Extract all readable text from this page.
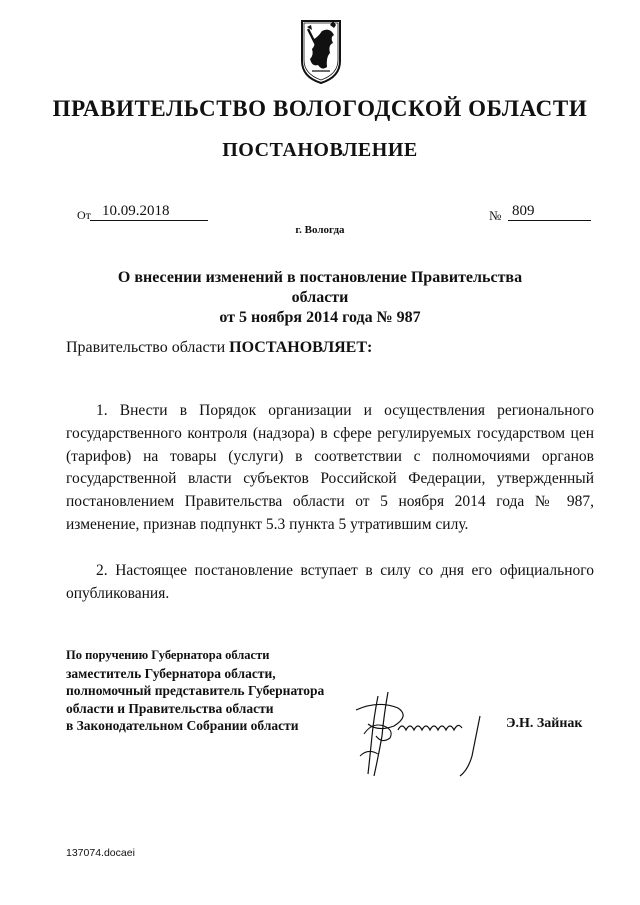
ПРАВИТЕЛЬСТВО ВОЛОГОДСКОЙ ОБЛАСТИ
ПОСТАНОВЛЕНИЕ
От 10.09.2018
г. Вологда
№ 809
О внесении изменений в постановление Правительства области
от 5 ноября 2014 года № 987
Правительство области ПОСТАНОВЛЯЕТ:
1. Внести в Порядок организации и осуществления регионального государственного контроля (надзора) в сфере регулируемых государством цен (тарифов) на товары (услуги) в соответствии с полномочиями органов государственной власти субъектов Российской Федерации, утвержденный постановлением Правительства области от 5 ноября 2014 года № 987, изменение, признав подпункт 5.3 пункта 5 утратившим силу.
2. Настоящее постановление вступает в силу со дня его официального опубликования.
По поручению Губернатора области
заместитель Губернатора области,
полномочный представитель Губернатора
области и Правительства области
в Законодательном Собрании области	Э.Н. Зайнак
137074.docaei
